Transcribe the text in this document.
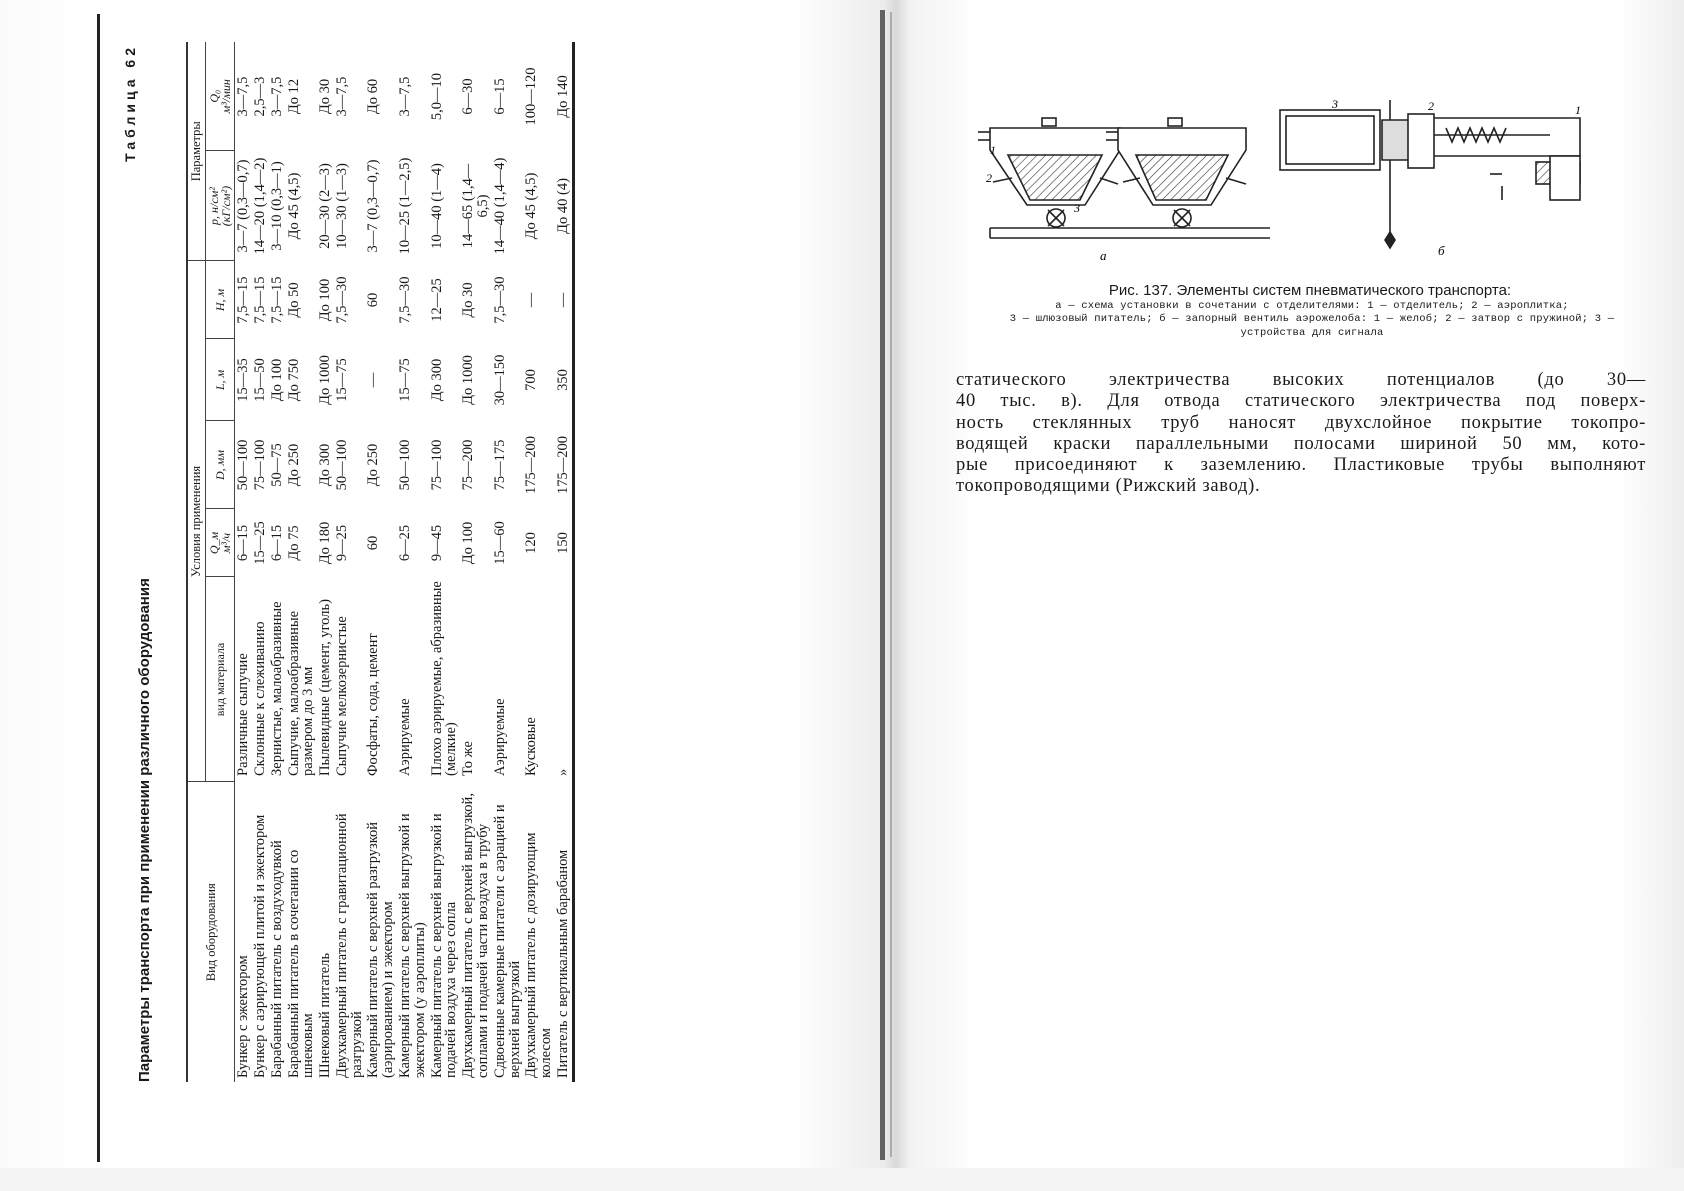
Параметры транспорта при применении различного оборудования
Таблица 62
Вид оборудования	Условия применения					Параметры	
	вид материала	Q_м
м³/ч	D, мм	L, м	H, м	р, н/см²
(кГ/см²)	Q₀
м³/мин
Бункер с эжектором	Различные сыпучие	6—15	50—100	15—35	7,5—15	3—7 (0,3—0,7)	3—7,5
Бункер с аэрирующей плитой и эжектором	Склонные к слеживанию	15—25	75—100	15—50	7,5—15	14—20 (1,4—2)	2,5—3
Барабанный питатель с воздуходувкой	Зернистые, малоабразивные	6—15	50—75	До 100	7,5—15	3—10 (0,3—1)	3—7,5
Барабанный питатель в сочетании со шнековым	Сыпучие, малоабразивные размером до 3 мм	До 75	До 250	До 750	До 50	До 45 (4,5)	До 12
Шнековый питатель	Пылевидные (цемент, уголь)	До 180	До 300	До 1000	До 100	20—30 (2—3)	До 30
Двухкамерный питатель с гравитационной разгрузкой	Сыпучие мелкозернистые	9—25	50—100	15—75	7,5—30	10—30 (1—3)	3—7,5
Камерный питатель с верхней разгрузкой (аэрированием) и эжектором	Фосфаты, сода, цемент	60	До 250	—	60	3—7 (0,3—0,7)	До 60
Камерный питатель с верхней выгрузкой и эжектором (у аэроплиты)	Аэрируемые	6—25	50—100	15—75	7,5—30	10—25 (1—2,5)	3—7,5
Камерный питатель с верхней выгрузкой и подачей воздуха через сопла	Плохо аэрируемые, абразивные (мелкие)	9—45	75—100	До 300	12—25	10—40 (1—4)	5,0—10
Двухкамерный питатель с верхней выгрузкой, соплами и подачей части воздуха в трубу	То же	До 100	75—200	До 1000	До 30	14—65 (1,4—6,5)	6—30
Сдвоенные камерные питатели с аэрацией и верхней выгрузкой	Аэрируемые	15—60	75—175	30—150	7,5—30	14—40 (1,4—4)	6—15
Двухкамерный питатель с дозирующим колесом	Кусковые	120	175—200	700	—	До 45 (4,5)	100—120
Питатель с вертикальным барабаном	»	150	175—200	350	—	До 40 (4)	До 140
1
2
3
а
3	2	1
б
Рис. 137. Элементы систем пневматического транспорта:
а — схема установки в сочетании с отделителями: 1 — отделитель; 2 — аэроплитка;
3 — шлюзовый питатель; б — запорный вентиль аэрожелоба: 1 — желоб; 2 — затвор с пружиной; 3 — устройства для сигнала
статического электричества высоких потенциалов (до 30—
40 тыс. в). Для отвода статического электричества под поверх-
ность стеклянных труб наносят двухслойное покрытие токопро-
водящей краски параллельными полосами шириной 50 мм, кото-
рые присоединяют к заземлению. Пластиковые трубы выполняют
токопроводящими (Рижский завод).
